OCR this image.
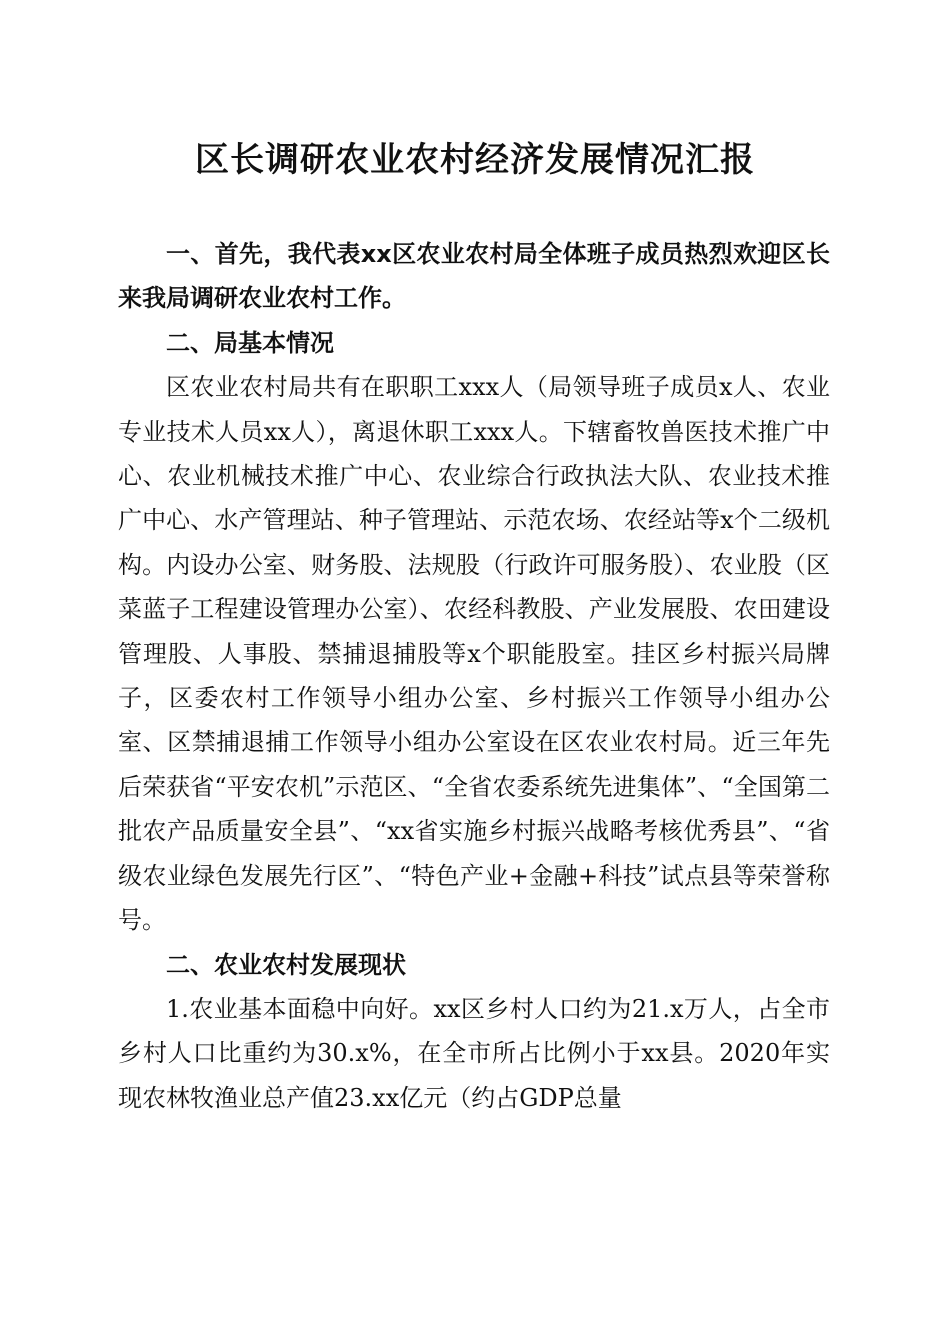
区长调研农业农村经济发展情况汇报

一、首先，我代表xx区农业农村局全体班子成员热烈欢迎区长来我局调研农业农村工作。

二、局基本情况

区农业农村局共有在职职工xxx人（局领导班子成员x人、农业专业技术人员xx人），离退休职工xxx人。下辖畜牧兽医技术推广中心、农业机械技术推广中心、农业综合行政执法大队、农业技术推广中心、水产管理站、种子管理站、示范农场、农经站等x个二级机构。内设办公室、财务股、法规股（行政许可服务股）、农业股（区菜蓝子工程建设管理办公室）、农经科教股、产业发展股、农田建设管理股、人事股、禁捕退捕股等x个职能股室。挂区乡村振兴局牌子，区委农村工作领导小组办公室、乡村振兴工作领导小组办公室、区禁捕退捕工作领导小组办公室设在区农业农村局。近三年先后荣获省“平安农机”示范区、“全省农委系统先进集体”、“全国第二批农产品质量安全县”、“xx省实施乡村振兴战略考核优秀县”、“省级农业绿色发展先行区”、“特色产业+金融+科技”试点县等荣誉称号。

二、农业农村发展现状

1.农业基本面稳中向好。xx区乡村人口约为21.x万人，占全市乡村人口比重约为30.x%，在全市所占比例小于xx县。2020年实现农林牧渔业总产值23.xx亿元（约占GDP总量
